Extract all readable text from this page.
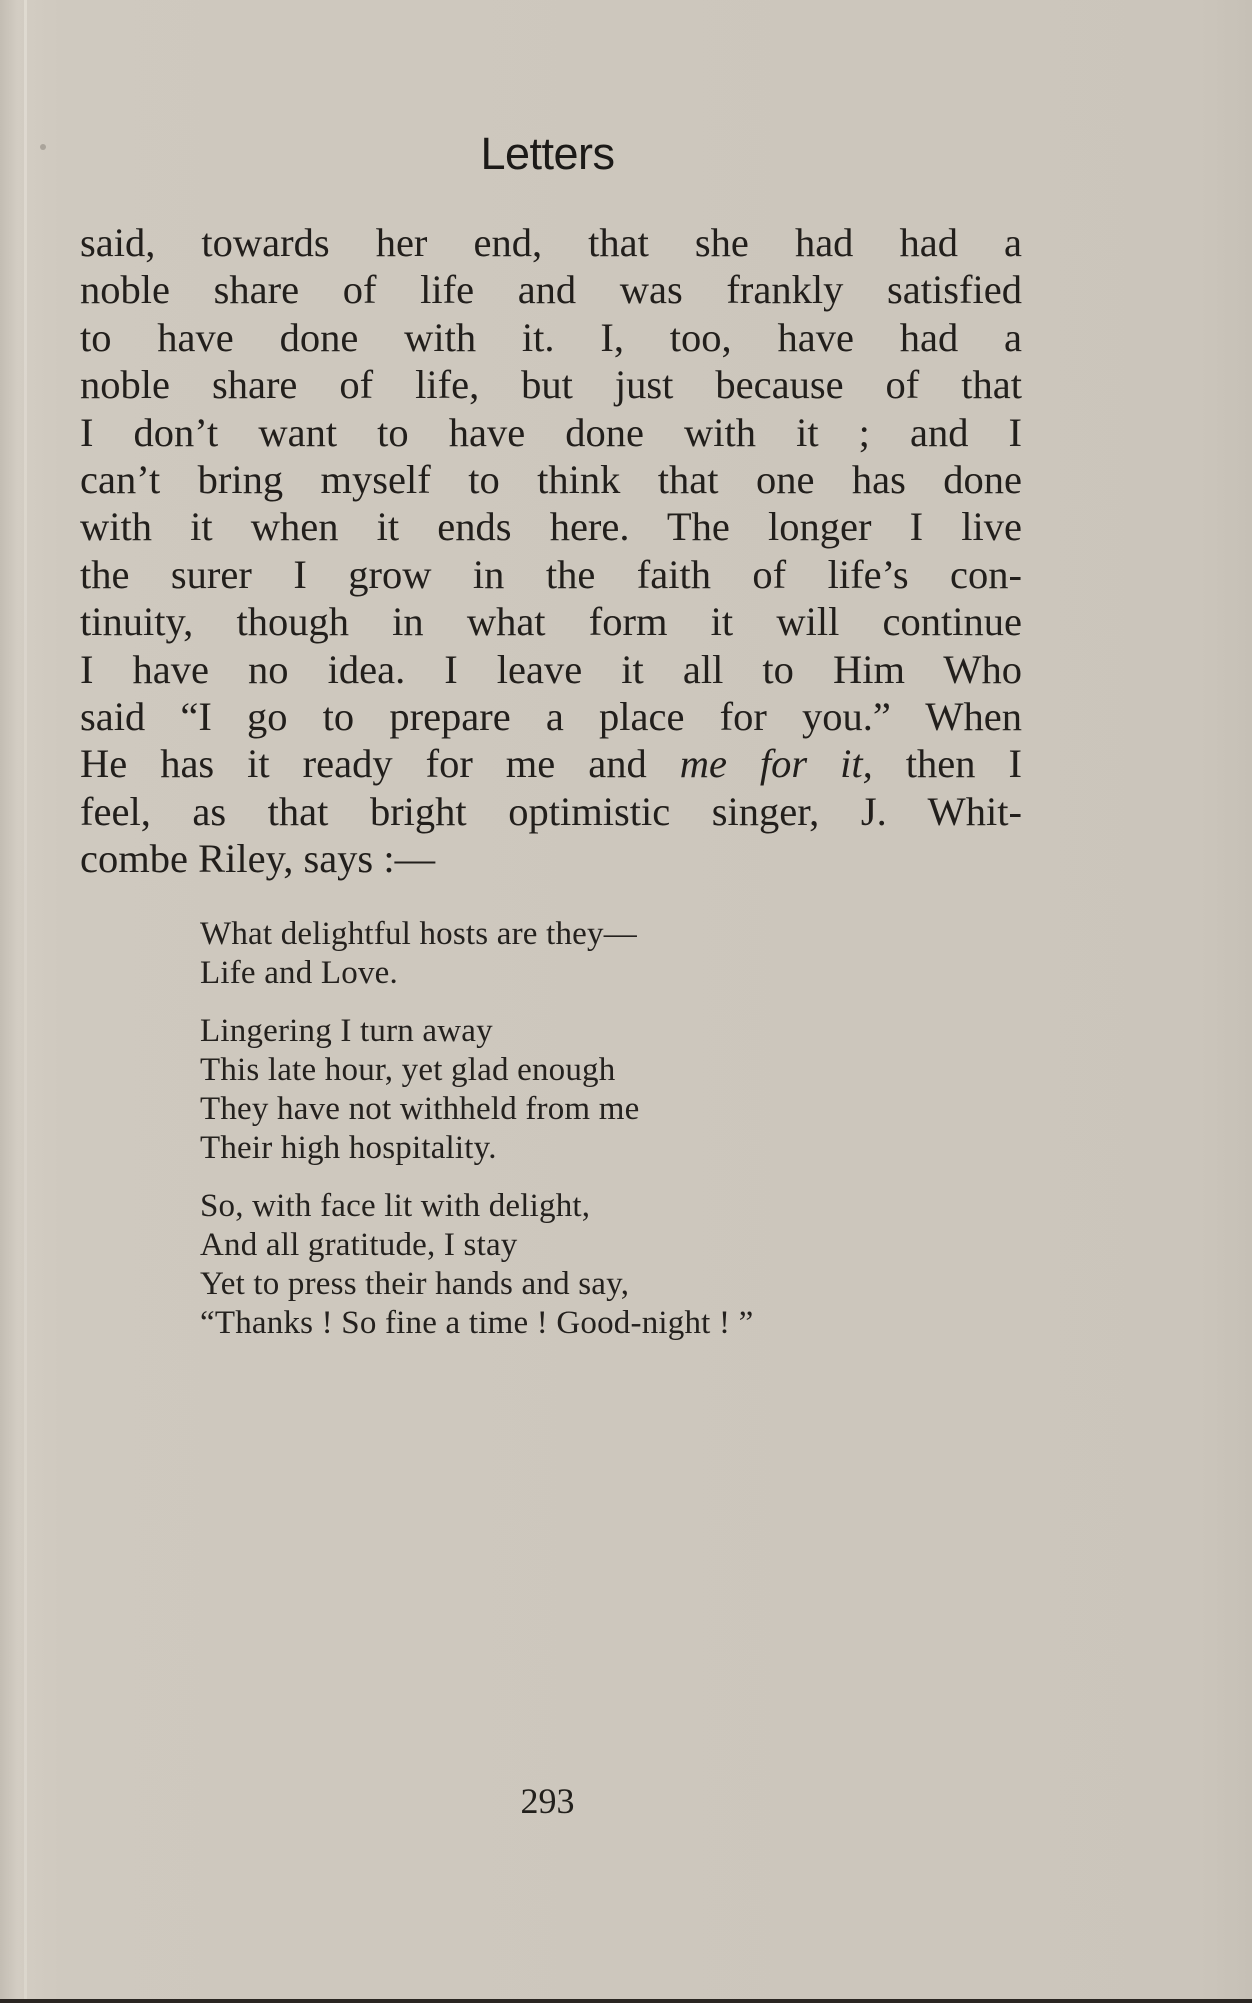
Letters
said, towards her end, that she had had a
noble share of life and was frankly satisfied
to have done with it. I, too, have had a
noble share of life, but just because of that
I don’t want to have done with it ; and I
can’t bring myself to think that one has done
with it when it ends here. The longer I live
the surer I grow in the faith of life’s con-
tinuity, though in what form it will continue
I have no idea. I leave it all to Him Who
said “I go to prepare a place for you.” When
He has it ready for me and me for it, then I
feel, as that bright optimistic singer, J. Whit-
combe Riley, says :—
What delightful hosts are they—
Life and Love.
Lingering I turn away
This late hour, yet glad enough
They have not withheld from me
Their high hospitality.
So, with face lit with delight,
And all gratitude, I stay
Yet to press their hands and say,
“Thanks ! So fine a time ! Good-night ! ”
293
